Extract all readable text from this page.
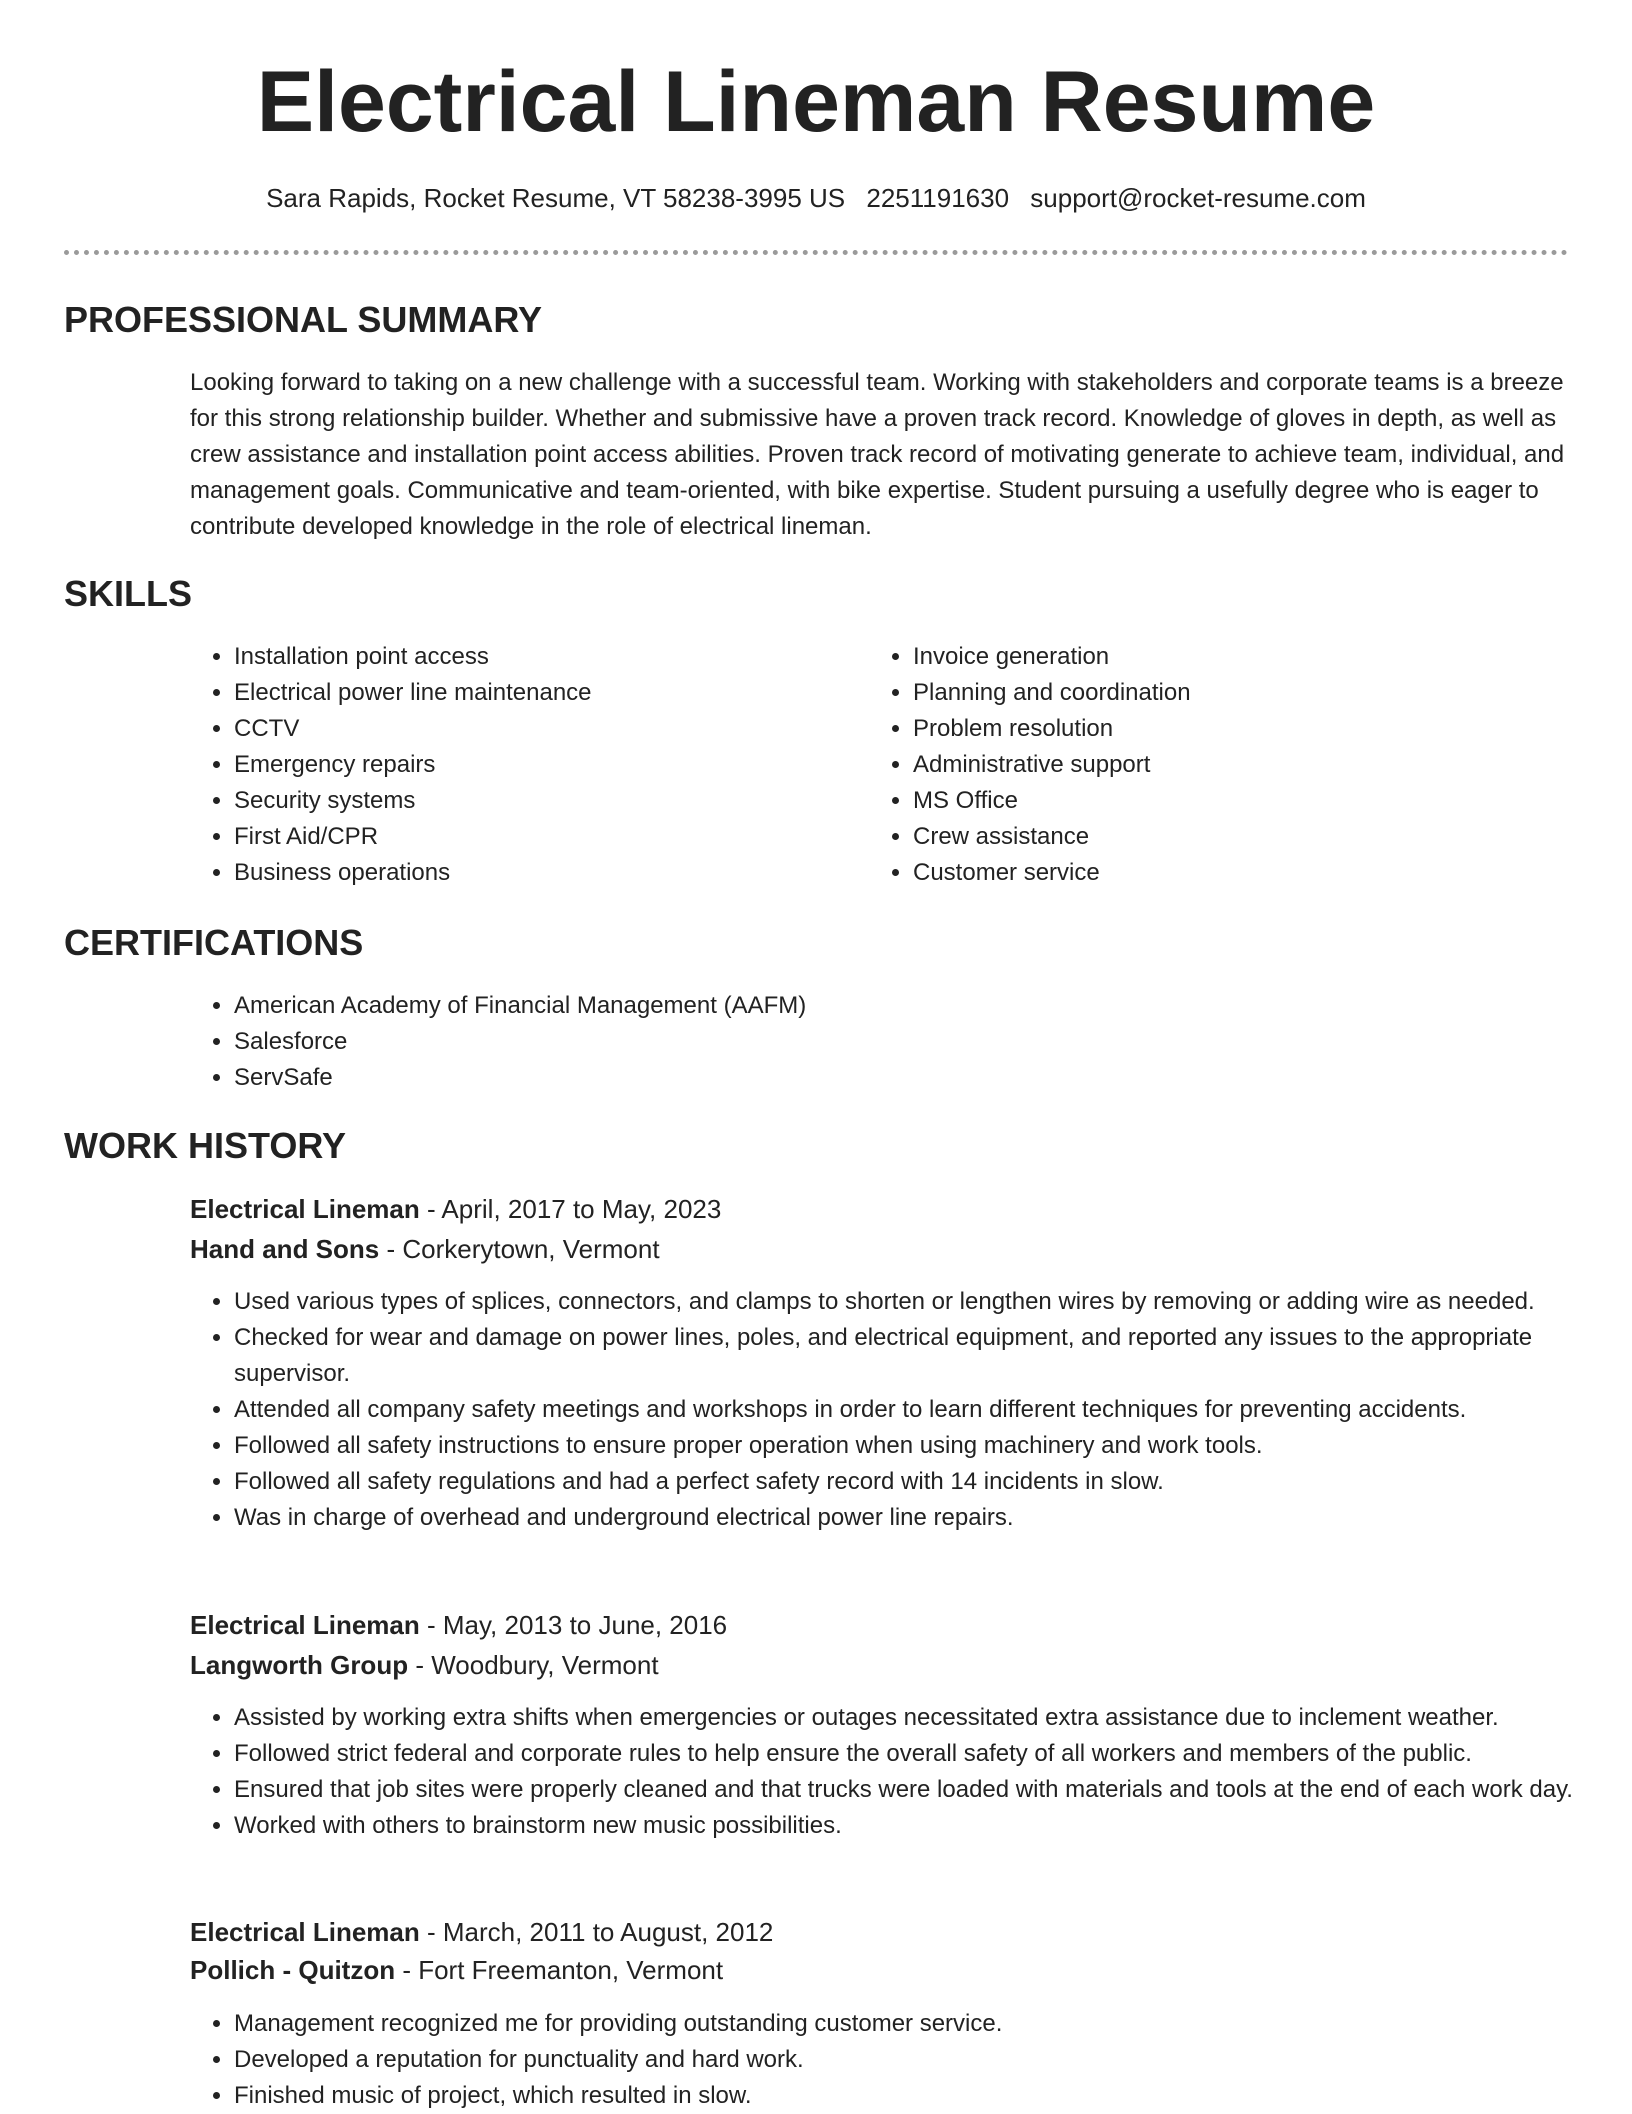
Electrical Lineman Resume
Sara Rapids, Rocket Resume, VT 58238-3995 US 2251191630 support@rocket-resume.com
PROFESSIONAL SUMMARY

Looking forward to taking on a new challenge with a successful team. Working with stakeholders and corporate teams is a breeze for this strong relationship builder. Whether and submissive have a proven track record. Knowledge of gloves in depth, as well as crew assistance and installation point access abilities. Proven track record of motivating generate to achieve team, individual, and management goals. Communicative and team-oriented, with bike expertise. Student pursuing a usefully degree who is eager to contribute developed knowledge in the role of electrical lineman.

SKILLS
• Installation point access
• Electrical power line maintenance
• CCTV
• Emergency repairs
• Security systems
• First Aid/CPR
• Business operations
• Invoice generation
• Planning and coordination
• Problem resolution
• Administrative support
• MS Office
• Crew assistance
• Customer service
CERTIFICATIONS
• American Academy of Financial Management (AAFM)
• Salesforce
• ServSafe
WORK HISTORY

Electrical Lineman - April, 2017 to May, 2023

Hand and Sons - Corkerytown, Vermont

• Used various types of splices, connectors, and clamps to shorten or lengthen wires by removing or adding wire as needed.
• Checked for wear and damage on power lines, poles, and electrical equipment, and reported any issues to the appropriate supervisor.
• Attended all company safety meetings and workshops in order to learn different techniques for preventing accidents.
• Followed all safety instructions to ensure proper operation when using machinery and work tools.
• Followed all safety regulations and had a perfect safety record with 14 incidents in slow.
• Was in charge of overhead and underground electrical power line repairs.

Electrical Lineman - May, 2013 to June, 2016

Langworth Group - Woodbury, Vermont

• Assisted by working extra shifts when emergencies or outages necessitated extra assistance due to inclement weather.
• Followed strict federal and corporate rules to help ensure the overall safety of all workers and members of the public.
• Ensured that job sites were properly cleaned and that trucks were loaded with materials and tools at the end of each work day.
• Worked with others to brainstorm new music possibilities.

Electrical Lineman - March, 2011 to August, 2012

Pollich - Quitzon - Fort Freemanton, Vermont

• Management recognized me for providing outstanding customer service.
• Developed a reputation for punctuality and hard work.
• Finished music of project, which resulted in slow.
